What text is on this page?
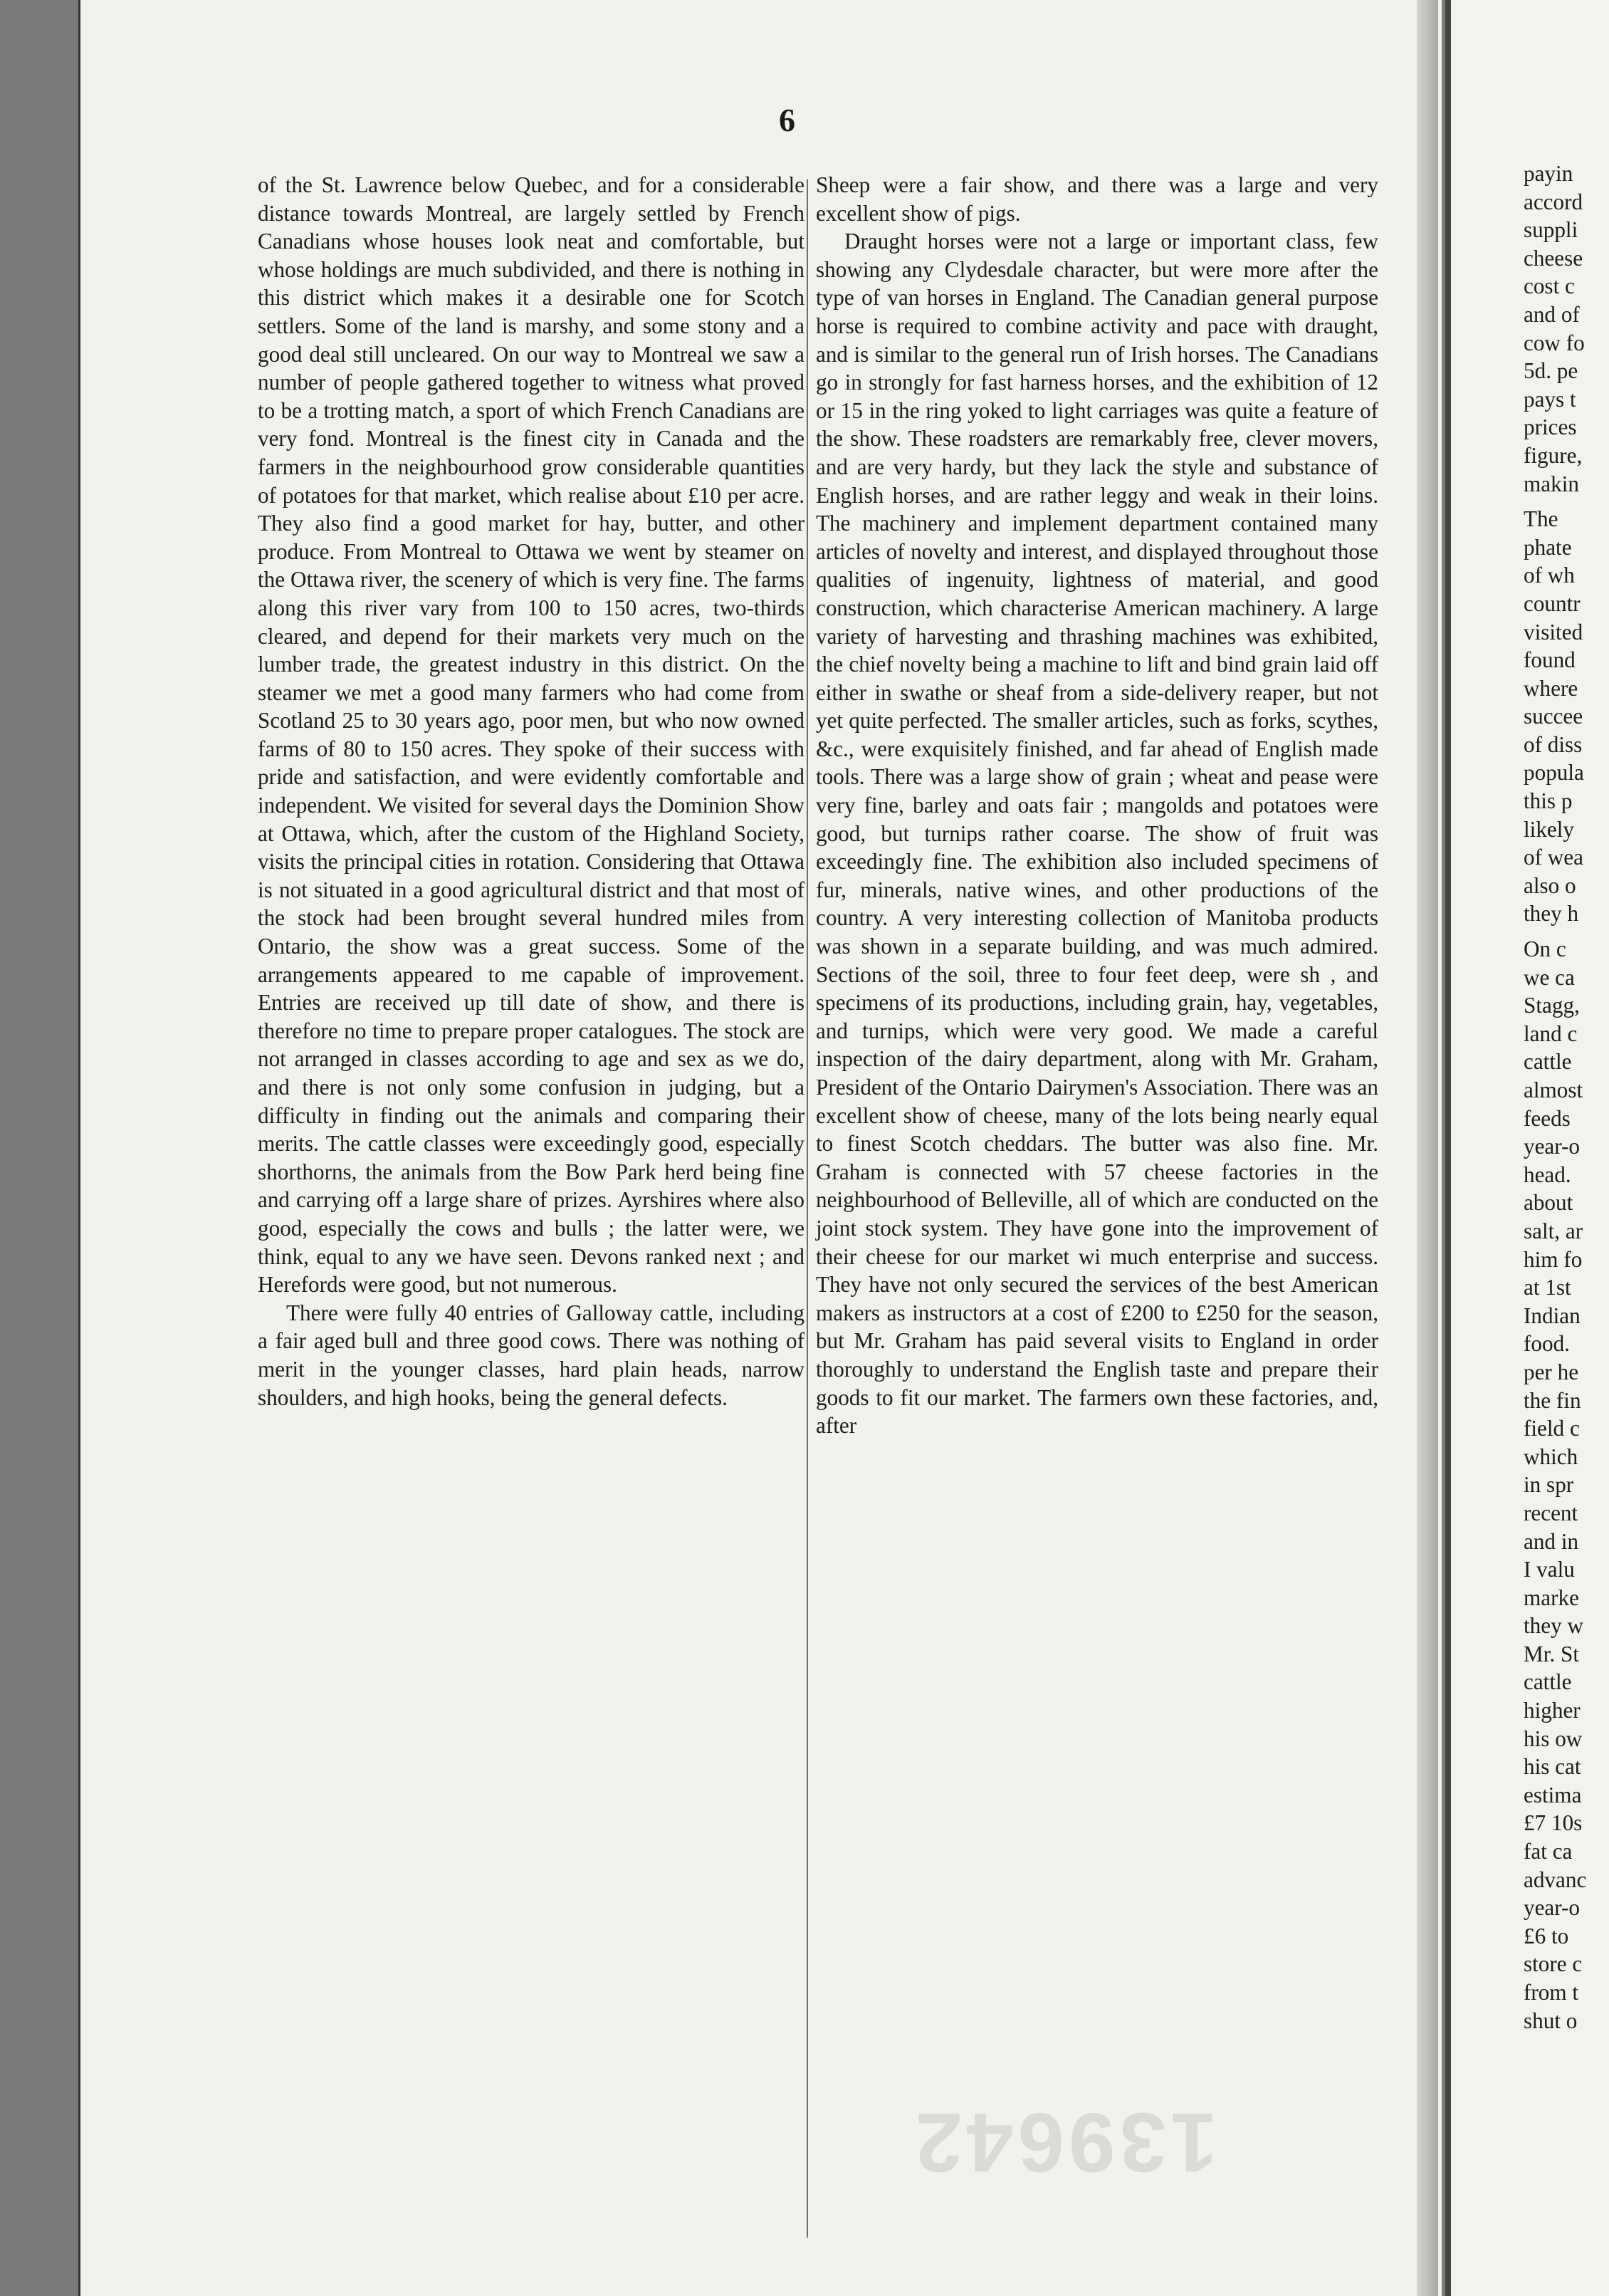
6

of the St. Lawrence below Quebec, and for a considerable distance towards Montreal, are largely settled by French Canadians whose houses look neat and comfortable, but whose holdings are much subdivided, and there is nothing in this district which makes it a desirable one for Scotch settlers. Some of the land is marshy, and some stony and a good deal still uncleared. On our way to Montreal we saw a number of people gathered together to witness what proved to be a trotting match, a sport of which French Canadians are very fond. Montreal is the finest city in Canada and the farmers in the neighbourhood grow considerable quantities of potatoes for that market, which realise about £10 per acre. They also find a good market for hay, butter, and other produce. From Montreal to Ottawa we went by steamer on the Ottawa river, the scenery of which is very fine. The farms along this river vary from 100 to 150 acres, two-thirds cleared, and depend for their markets very much on the lumber trade, the greatest industry in this district. On the steamer we met a good many farmers who had come from Scotland 25 to 30 years ago, poor men, but who now owned farms of 80 to 150 acres. They spoke of their success with pride and satisfaction, and were evidently comfortable and independent. We visited for several days the Dominion Show at Ottawa, which, after the custom of the Highland Society, visits the principal cities in rotation. Considering that Ottawa is not situated in a good agricultural district and that most of the stock had been brought several hundred miles from Ontario, the show was a great success. Some of the arrangements appeared to me capable of improvement. Entries are received up till date of show, and there is therefore no time to prepare proper catalogues. The stock are not arranged in classes according to age and sex as we do, and there is not only some confusion in judging, but a difficulty in finding out the animals and comparing their merits. The cattle classes were exceedingly good, especially shorthorns, the animals from the Bow Park herd being fine and carrying off a large share of prizes. Ayrshires where also good, especially the cows and bulls ; the latter were, we think, equal to any we have seen. Devons ranked next ; and Herefords were good, but not numerous.

There were fully 40 entries of Galloway cattle, including a fair aged bull and three good cows. There was nothing of merit in the younger classes, hard plain heads, narrow shoulders, and high hooks, being the general defects.

Sheep were a fair show, and there was a large and very excellent show of pigs.

Draught horses were not a large or important class, few showing any Clydesdale character, but were more after the type of van horses in England. The Canadian general purpose horse is required to combine activity and pace with draught, and is similar to the general run of Irish horses. The Canadians go in strongly for fast harness horses, and the exhibition of 12 or 15 in the ring yoked to light carriages was quite a feature of the show. These roadsters are remarkably free, clever movers, and are very hardy, but they lack the style and substance of English horses, and are rather leggy and weak in their loins. The machinery and implement department contained many articles of novelty and interest, and displayed throughout those qualities of ingenuity, lightness of material, and good construction, which characterise American machinery. A large variety of harvesting and thrashing machines was exhibited, the chief novelty being a machine to lift and bind grain laid off either in swathe or sheaf from a side-delivery reaper, but not yet quite perfected. The smaller articles, such as forks, scythes, &c., were exquisitely finished, and far ahead of English made tools. There was a large show of grain ; wheat and pease were very fine, barley and oats fair ; mangolds and potatoes were good, but turnips rather coarse. The show of fruit was exceedingly fine. The exhibition also included specimens of fur, minerals, native wines, and other productions of the country. A very interesting collection of Manitoba products was shown in a separate building, and was much admired. Sections of the soil, three to four feet deep, were sh , and specimens of its productions, including grain, hay, vegetables, and turnips, which were very good. We made a careful inspection of the dairy department, along with Mr. Graham, President of the Ontario Dairymen's Association. There was an excellent show of cheese, many of the lots being nearly equal to finest Scotch cheddars. The butter was also fine. Mr. Graham is connected with 57 cheese factories in the neighbourhood of Belleville, all of which are conducted on the joint stock system. They have gone into the improvement of their cheese for our market wi much enterprise and success. They have not only secured the services of the best American makers as instructors at a cost of £200 to £250 for the season, but Mr. Graham has paid several visits to England in order thoroughly to understand the English taste and prepare their goods to fit our market. The farmers own these factories, and, after

payin
accord
suppli
cheese
cost c
and of
cow fo
5d. pe
pays t
prices
figure,
makin
The
phate
of wh
countr
visited
found
where
succee
of diss
popula
this p
likely
of wea
also o
they h
On c
we ca
Stagg,
land c
cattle
almost
feeds
year-o
head.
about
salt, ar
him fo
at 1st
Indian
food.
per he
the fin
field c
which
in spr
recent
and in
I valu
marke
they w
Mr. St
cattle
higher
his ow
his cat
estima
£7 10s
fat ca
advanc
year-o
£6 to
store c
from t
shut o
139642
